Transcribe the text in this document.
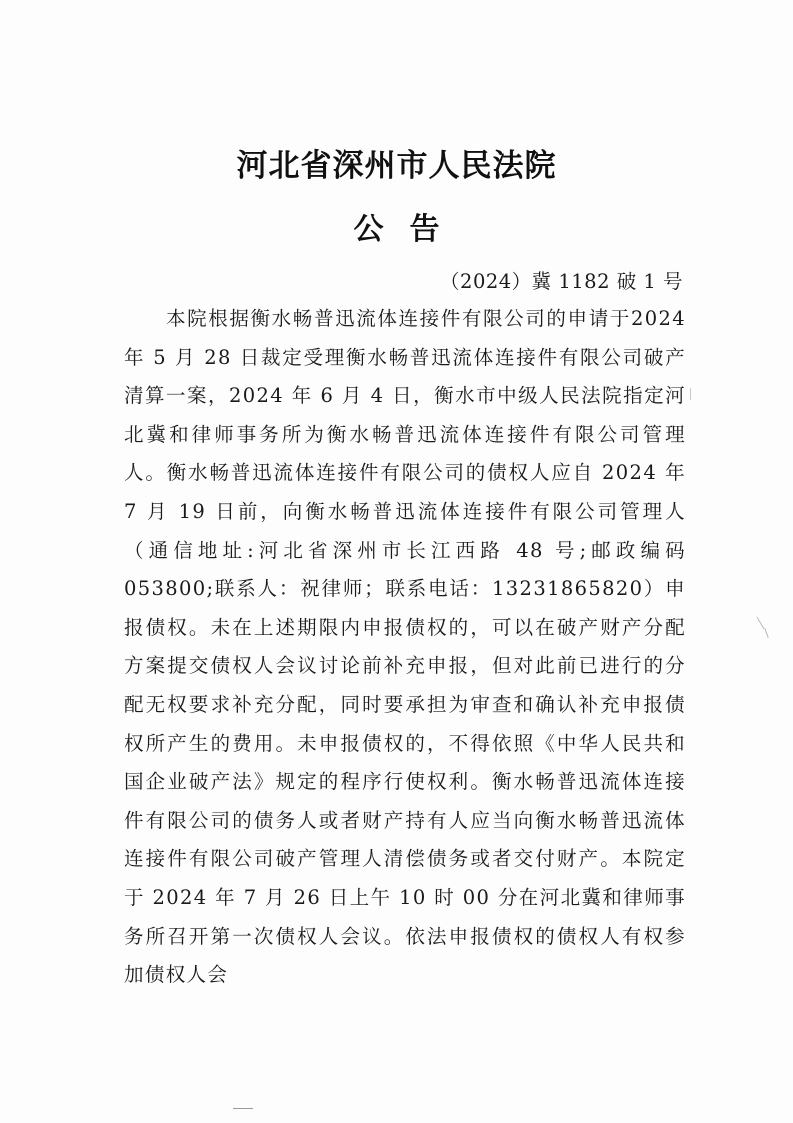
河北省深州市人民法院
公告
（2024）冀 1182 破 1 号

本院根据衡水畅普迅流体连接件有限公司的申请于2024 年 5 月 28 日裁定受理衡水畅普迅流体连接件有限公司破产清算一案，2024 年 6 月 4 日，衡水市中级人民法院指定河北冀和律师事务所为衡水畅普迅流体连接件有限公司管理人。衡水畅普迅流体连接件有限公司的债权人应自 2024 年 7 月 19 日前，向衡水畅普迅流体连接件有限公司管理人（通信地址:河北省深州市长江西路 48 号;邮政编码 053800;联系人：祝律师；联系电话：13231865820）申报债权。未在上述期限内申报债权的，可以在破产财产分配方案提交债权人会议讨论前补充申报，但对此前已进行的分配无权要求补充分配，同时要承担为审查和确认补充申报债权所产生的费用。未申报债权的，不得依照《中华人民共和国企业破产法》规定的程序行使权利。衡水畅普迅流体连接件有限公司的债务人或者财产持有人应当向衡水畅普迅流体连接件有限公司破产管理人清偿债务或者交付财产。本院定于 2024 年 7 月 26 日上午 10 时 00 分在河北冀和律师事务所召开第一次债权人会议。依法申报债权的债权人有权参加债权人会
